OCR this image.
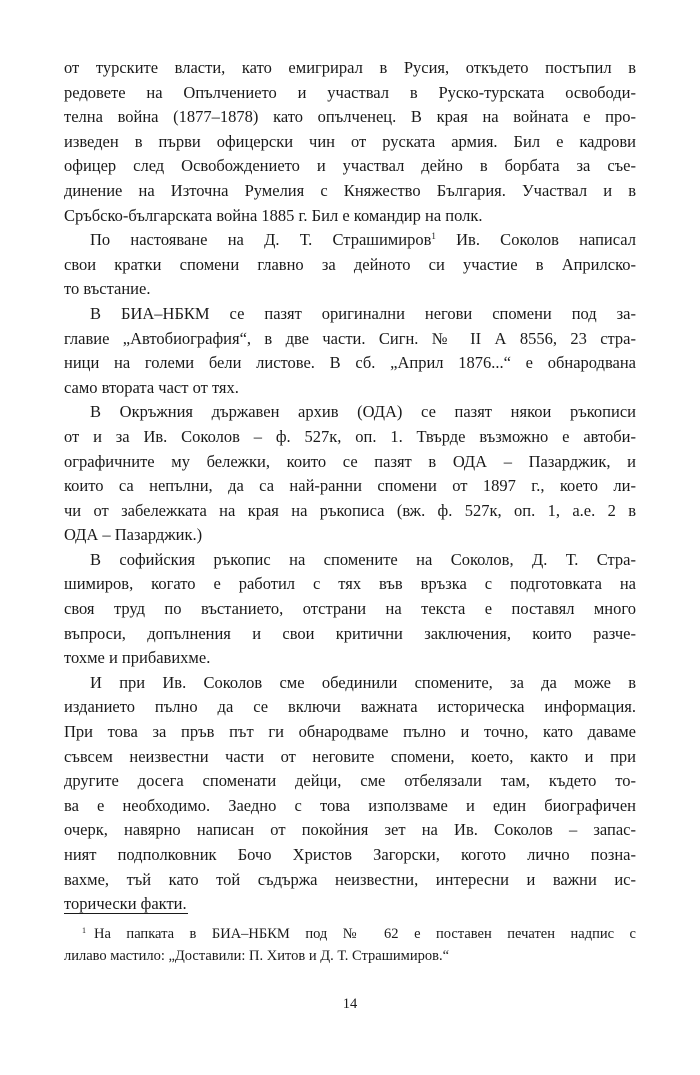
от турските власти, като емигрирал в Русия, откъдето постъпил в
редовете на Опълчението и участвал в Руско-турската освободи-
телна война (1877–1878) като опълченец. В края на войната е про-
изведен в първи офицерски чин от руската армия. Бил е кадрови
офицер след Освобождението и участвал дейно в борбата за съе-
динение на Източна Румелия с Княжество България. Участвал и в
Сръбско-българската война 1885 г. Бил е командир на полк.
По настояване на Д. Т. Страшимиров$^1$ Ив. Соколов написал
свои кратки спомени главно за дейното си участие в Априлско-
то въстание.
В БИА–НБКМ се пазят оригинални негови спомени под за-
главие „Автобиография“, в две части. Сигн. № II А 8556, 23 стра-
ници на големи бели листове. В сб. „Април 1876...“ е обнародвана
само втората част от тях.
В Окръжния държавен архив (ОДА) се пазят някои ръкописи
от и за Ив. Соколов – ф. 527к, оп. 1. Твърде възможно е автоби-
ографичните му бележки, които се пазят в ОДА – Пазарджик, и
които са непълни, да са най-ранни спомени от 1897 г., което ли-
чи от забележката на края на ръкописа (вж. ф. 527к, оп. 1, а.е. 2 в
ОДА – Пазарджик.)
В софийския ръкопис на спомените на Соколов, Д. Т. Стра-
шимиров, когато е работил с тях във връзка с подготовката на
своя труд по въстанието, отстрани на текста е поставял много
въпроси, допълнения и свои критични заключения, които разче-
тохме и прибавихме.
И при Ив. Соколов сме обединили спомените, за да може в
изданието пълно да се включи важната историческа информация.
При това за пръв път ги обнародваме пълно и точно, като даваме
съвсем неизвестни части от неговите спомени, което, както и при
другите досега споменати дейци, сме отбелязали там, където то-
ва е необходимо. Заедно с това използваме и един биографичен
очерк, навярно написан от покойния зет на Ив. Соколов – запас-
ният подполковник Бочо Христов Загорски, когото лично позна-
вахме, тъй като той съдържа неизвестни, интересни и важни ис-
торически факти.
$^1$ На папката в БИА–НБКМ под № 62 е поставен печатен надпис с
лилаво мастило: „Доставили: П. Хитов и Д. Т. Страшимиров.“
14
